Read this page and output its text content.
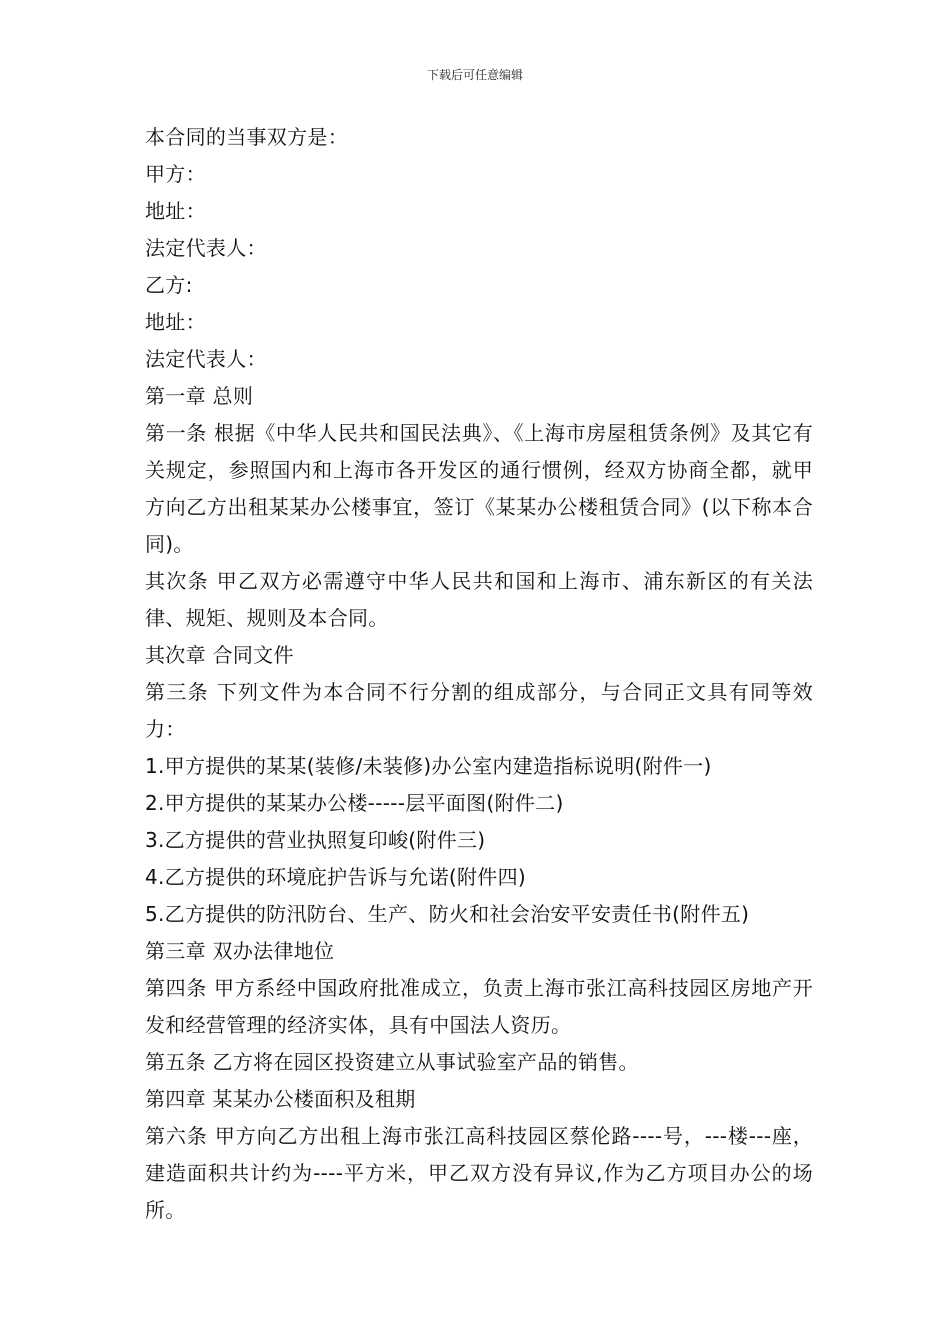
下载后可任意编辑

本合同的当事双方是：

甲方：

地址：

法定代表人：

乙方:

地址：

法定代表人：

第一章 总则

第一条 根据《中华人民共和国民法典》、《上海市房屋租赁条例》及其它有关规定，参照国内和上海市各开发区的通行惯例，经双方协商全都，就甲方向乙方出租某某办公楼事宜，签订《某某办公楼租赁合同》(以下称本合同)。

其次条 甲乙双方必需遵守中华人民共和国和上海市、浦东新区的有关法律、规矩、规则及本合同。

其次章 合同文件

第三条 下列文件为本合同不行分割的组成部分，与合同正文具有同等效力：

1.甲方提供的某某(装修/未装修)办公室内建造指标说明(附件一)

2.甲方提供的某某办公楼-----层平面图(附件二)

3.乙方提供的营业执照复印峻(附件三)

4.乙方提供的环境庇护告诉与允诺(附件四)

5.乙方提供的防汛防台、生产、防火和社会治安平安责任书(附件五)

第三章 双办法律地位

第四条 甲方系经中国政府批准成立，负责上海市张江高科技园区房地产开发和经营管理的经济实体，具有中国法人资历。

第五条 乙方将在园区投资建立从事试验室产品的销售。

第四章 某某办公楼面积及租期

第六条 甲方向乙方出租上海市张江高科技园区蔡伦路----号，---楼---座，建造面积共计约为----平方米，甲乙双方没有异议,作为乙方项目办公的场所。
